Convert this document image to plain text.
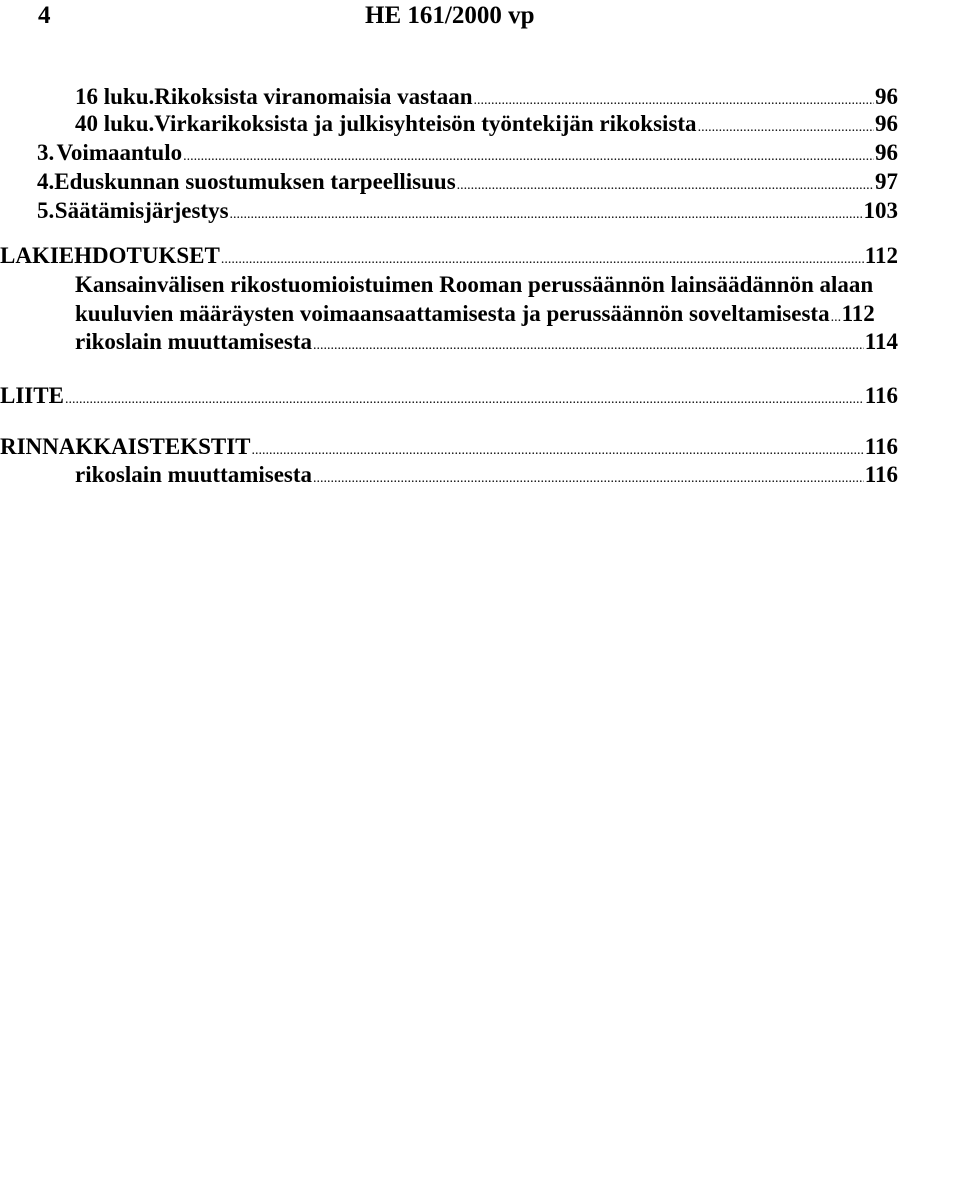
4	HE 161/2000 vp
16 luku. Rikoksista viranomaisia vastaan .....	96
40 luku. Virkarikoksista ja julkisyhteisön työntekijän rikoksista .....	96
3. Voimaantulo .....	96
4. Eduskunnan suostumuksen tarpeellisuus .....	97
5. Säätämisjärjestys .....	103
LAKIEHDOTUKSET .....	112
Kansainvälisen rikostuomioistuimen Rooman perussäännön lainsäädännön alaan
kuuluvien määräysten voimaansaattamisesta ja perussäännön soveltamisesta ..... 112
rikoslain muuttamisesta .....	114
LIITE .....	116
RINNAKKAISTEKSTIT .....	116
rikoslain muuttamisesta .....	116
